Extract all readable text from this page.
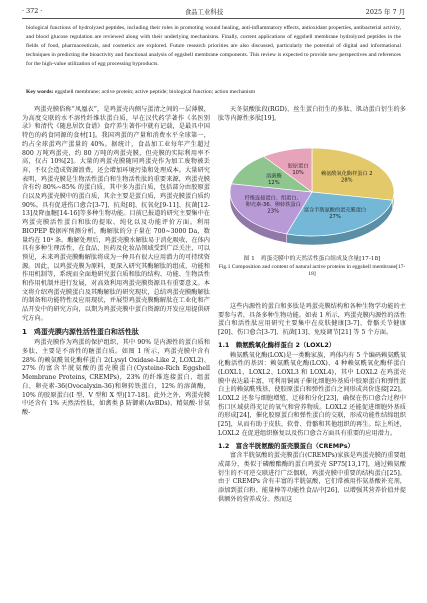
· 372 ·	食品工业科技	2025 年 7 月
biological functions of hydrolyzed peptides, including their roles in promoting wound healing, anti-inflammatory effects, antioxidant properties, antibacterial activity, and blood glucose regulation are reviewed along with their underlying mechanisms. Finally, current applications of eggshell membrane hydrolyzed peptides in the fields of food, pharmaceuticals, and cosmetics are explored. Future research priorities are also discussed, particularly the potential of digital and informational techniques in predicting the bioactivity and functional analysis of eggshell membrane components. This review is expected to provide new perspectives and references for the high-value utilization of egg processing byproducts.
Key words: eggshell membrane; active protein; active peptide; biological function; action mechanism

鸡蛋壳膜俗称“凤凰衣”，是鸡蛋壳内侧与蛋清之间的一层薄膜，为高度交联的水不溶性纤维状蛋白质，早在汉代药学著作《名医别录》和清代《随息居饮食谱》食疗养生著作中就有记载，是最具中国特色的药食同源的食材[1]。我国鸡蛋的产量和消费水平全球第一，约占全球蛋鸡产蛋量的 40%。据统计，食品加工业每年产生超过 800 万吨鸡蛋壳，约 80 万吨的鸡蛋壳膜，但壳膜的实际利用率不高，仅占 10%[2]。大量的鸡蛋壳膜随同鸡蛋壳作为加工废物被丢弃，不仅会造成资源浪费，还会增加环境污染和处理成本。大量研究表明，鸡蛋壳膜是生物活性蛋白和生物活性肽的重要来源，鸡蛋壳膜含有约 80%~85% 的蛋白质，其中多为蛋白质，包括部分由胶原蛋白以及鸡蛋壳膜中的蛋白质，其余主要是蛋白质，鸡蛋壳膜蛋白质约 90%。具有促进伤口愈合[3-7]、抗炎[8]、抗氧化[9-11]、抗菌[12-13]及降血糖[14-16]等多种生物功能。目前已报道的研究主要集中在鸡蛋壳膜活性蛋白和肽的提取、纯化以及功能评价方面。利用 BIOPEP 数据库预测分析，酶解肽的分子量在 700~3000 Da，数量约在 10⁴ 条。酶解处理后，鸡蛋壳膜水解肽易于消化吸收，在体内具有多种生理活性，在食品、医药及化妆品领域受到广泛关注，可以预见，未来鸡蛋壳膜酶解肽将成为一种具有很大应用潜力的可持续资源。因此，以鸡蛋壳膜为原料，更深入研究其酶解肽的组成、功能和作用机制等，系统而全面地研究蛋白质和肽的结构、功能、生物活性和作用机制并进行发展，对高效利用鸡蛋壳膜资源具有重要意义。本文将介绍鸡蛋壳膜蛋白及其酶解肽的研究现状，总结鸡蛋壳膜酶解肽的制备和功能特性及应用现状，并展望鸡蛋壳膜酶解肽在工业化和产品开发中的研究方向，以期为鸡蛋壳膜中蛋白资源的开发应用提供研究方向。

1　鸡蛋壳膜内源性活性蛋白和活性肽

鸡蛋壳膜作为鸡蛋的保护组织，其中 90% 是内源性的蛋白质和多肽，主要是不溶性的糖蛋白质。如图 1 所示，鸡蛋壳膜中含有 28% 的赖氨酰氧化酶样蛋白 2(Lysyl Oxidase-Like 2, LOXL2)、27% 的富含半胱氨酸的蛋壳膜蛋白(Cysteine-Rich Eggshell Membrane Proteins, CREMPs)，23% 的纤维连接蛋白、组蛋白、卵壳素-36(Ovocalyxin-36)和卵转铁蛋白，12% 的溶菌酶，10% 的胶原蛋白(I 型、V 型和 X 型)[17-18]。此外之外，鸡蛋壳膜中还含有 1% 天然活性肽，如禽类 β 防御素(AvBDs)、精氨酸-甘氨酸-

天冬氨酸肽段(RGD)、丝生蛋白衍生的多肽、肌动蛋白衍生的多肽等内源性多肽[19]。

赖氨酰氧化酶样蛋白 2 28%
富含半胱氨酸的蛋壳膜蛋白 27%
纤维连接蛋白、组蛋白、卵壳素-36、卵转铁蛋白 23%
溶菌酶 12%
胶原蛋白 10%
图 1　鸡蛋壳膜中的天然活性蛋白组成及含量[17-18]
Fig.1 Composition and content of natural active proteins in eggshell membrane[17-18]

这些内源性的蛋白和多肽是鸡蛋壳膜结构和各种生物学功能的主要参与者，具备多种生物功能。如表 1 所示，鸡蛋壳膜内源性的活性蛋白和活性肽应用研究主要集中在皮肤健康[3-7]、骨骼关节健康[20]、伤口愈合[3-7]、抗菌[13]、免疫调节[21] 等 5 个方面。

1.1　赖氨酰氧化酶样蛋白 2（LOXL2）

赖氨酰氧化酶(LOX)是一类酶家族，鸡体内有 5 个编码赖氨酰氧化酶活性的基因：赖氨酰氧化酶(LOX)、4 种赖氨酰氧化酶样蛋白(LOXL1、LOXL2、LOXL3 和 LOXL4)，其中 LOXL2 在鸡蛋壳膜中表达最丰富，可利用铜离子催化细胞外基质中胶原蛋白和弹性蛋白上的赖氨酰残基，使胶原蛋白和弹性蛋白之间形成共价连接[22]。LOXL2 还参与细胞增殖、迁移和分化[23]，确保在伤口愈合过程中伤口区域获得充足的氧气和营养物质。LOXL2 还能促进细胞外基质的形成[24]，催化胶原蛋白和弹性蛋白的交联，形成功能性结缔组织[25]，从而有助于皮肤、软骨、骨骼和其他组织的再生。综上所述，LOXL2 在促进组织修复以及伤口愈合方面具有重要的应用潜力。

1.2　富含半胱氨酸的蛋壳膜蛋白（CREMPs）

富含半胱氨酸的蛋壳膜蛋白(CREMPs)家族是鸡蛋壳膜的重要组成部分，类似于磷酸酯酶的蛋白鸡蛋壳 SP75[13,17]，通过赖氨酸衍生的不可逆交联进行广泛偶联，鸡蛋壳膜中重要的结构蛋白[25]。由于 CREMPs 含有丰富的半胱氨酸，它们常被用作氨基酸补充剂，添加到蛋白粉、能量棒等功能性食品中[26]，以增强其营养价值并提供额外的营养成分。然而这
